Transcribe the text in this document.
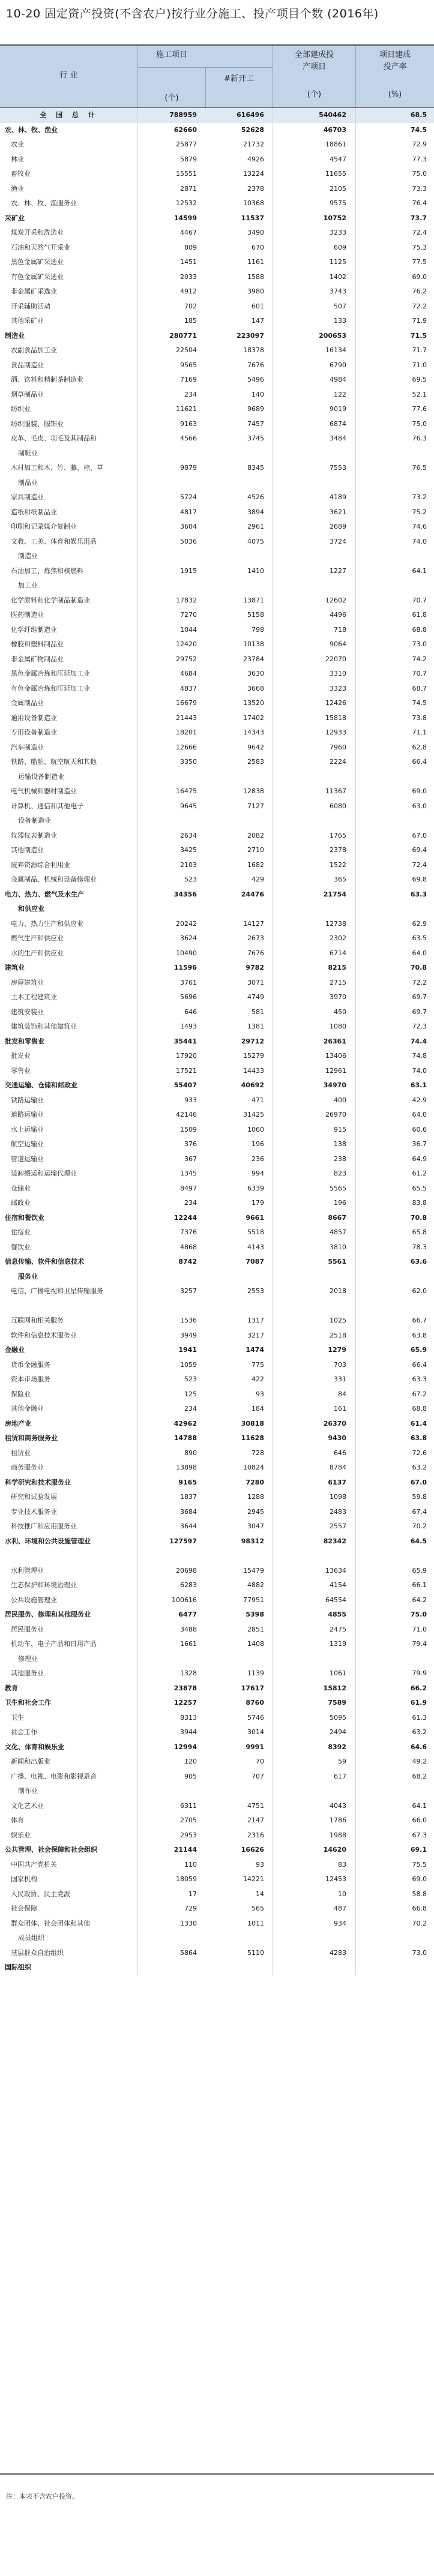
10-20 固定资产投资(不含农户)按行业分施工、投产项目个数 (2016年)
行 业
施工项目
(个)
#新开工
全部建成投产项目
(个)
项目建成投产率
(%)
全 国 总 计	788959	616496	540462	68.5
农、林、牧、渔业	62660	52628	46703	74.5
农业	25877	21732	18861	72.9
林业	5879	4926	4547	77.3
畜牧业	15551	13224	11655	75.0
渔业	2871	2378	2105	73.3
农、林、牧、渔服务业	12532	10368	9575	76.4
采矿业	14599	11537	10752	73.7
煤炭开采和洗选业	4467	3490	3233	72.4
石油和天然气开采业	809	670	609	75.3
黑色金属矿采选业	1451	1161	1125	77.5
有色金属矿采选业	2033	1588	1402	69.0
非金属矿采选业	4912	3980	3743	76.2
开采辅助活动	702	601	507	72.2
其他采矿业	185	147	133	71.9
制造业	280771	223097	200653	71.5
农副食品加工业	22504	18378	16134	71.7
食品制造业	9565	7676	6790	71.0
酒、饮料和精制茶制造业	7169	5496	4984	69.5
烟草制品业	234	140	122	52.1
纺织业	11621	9689	9019	77.6
纺织服装、服饰业	9163	7457	6874	75.0
皮革、毛皮、羽毛及其制品和	4566	3745	3484	76.3
制鞋业
木材加工和木、竹、藤、棕、草	9879	8345	7553	76.5
制品业
家具制造业	5724	4526	4189	73.2
造纸和纸制品业	4817	3894	3621	75.2
印刷和记录媒介复制业	3604	2961	2689	74.6
文教、工美、体育和娱乐用品	5036	4075	3724	74.0
制造业
石油加工、炼焦和核燃料	1915	1410	1227	64.1
加工业
化学原料和化学制品制造业	17832	13871	12602	70.7
医药制造业	7270	5158	4496	61.8
化学纤维制造业	1044	798	718	68.8
橡胶和塑料制品业	12420	10138	9064	73.0
非金属矿物制品业	29752	23784	22070	74.2
黑色金属冶炼和压延加工业	4684	3630	3310	70.7
有色金属冶炼和压延加工业	4837	3668	3323	68.7
金属制品业	16679	13520	12426	74.5
通用设备制造业	21443	17402	15818	73.8
专用设备制造业	18201	14343	12933	71.1
汽车制造业	12666	9642	7960	62.8
铁路、船舶、航空航天和其他	3350	2583	2224	66.4
运输设备制造业
电气机械和器材制造业	16475	12838	11367	69.0
计算机、通信和其他电子	9645	7127	6080	63.0
设备制造业
仪器仪表制造业	2634	2082	1765	67.0
其他制造业	3425	2710	2378	69.4
废弃资源综合利用业	2103	1682	1522	72.4
金属制品、机械和设备修理业	523	429	365	69.8
电力、热力、燃气及水生产	34356	24476	21754	63.3
和供应业
电力、热力生产和供应业	20242	14127	12738	62.9
燃气生产和供应业	3624	2673	2302	63.5
水的生产和供应业	10490	7676	6714	64.0
建筑业	11596	9782	8215	70.8
房屋建筑业	3761	3071	2715	72.2
土木工程建筑业	5696	4749	3970	69.7
建筑安装业	646	581	450	69.7
建筑装饰和其他建筑业	1493	1381	1080	72.3
批发和零售业	35441	29712	26361	74.4
批发业	17920	15279	13406	74.8
零售业	17521	14433	12961	74.0
交通运输、仓储和邮政业	55407	40692	34970	63.1
铁路运输业	933	471	400	42.9
道路运输业	42146	31425	26970	64.0
水上运输业	1509	1060	915	60.6
航空运输业	376	196	138	36.7
管道运输业	367	236	238	64.9
装卸搬运和运输代理业	1345	994	823	61.2
仓储业	8497	6339	5565	65.5
邮政业	234	179	196	83.8
住宿和餐饮业	12244	9661	8667	70.8
住宿业	7376	5518	4857	65.8
餐饮业	4868	4143	3810	78.3
信息传输、软件和信息技术	8742	7087	5561	63.6
服务业
电信、广播电视和卫星传输服务	3257	2553	2018	62.0
互联网和相关服务	1536	1317	1025	66.7
软件和信息技术服务业	3949	3217	2518	63.8
金融业	1941	1474	1279	65.9
货币金融服务	1059	775	703	66.4
资本市场服务	523	422	331	63.3
保险业	125	93	84	67.2
其他金融业	234	184	161	68.8
房地产业	42962	30818	26370	61.4
租赁和商务服务业	14788	11628	9430	63.8
租赁业	890	728	646	72.6
商务服务业	13898	10824	8784	63.2
科学研究和技术服务业	9165	7280	6137	67.0
研究和试验发展	1837	1288	1098	59.8
专业技术服务业	3684	2945	2483	67.4
科技推广和应用服务业	3644	3047	2557	70.2
水利、环境和公共设施管理业	127597	98312	82342	64.5
水利管理业	20698	15479	13634	65.9
生态保护和环境治理业	6283	4882	4154	66.1
公共设施管理业	100616	77951	64554	64.2
居民服务、修理和其他服务业	6477	5398	4855	75.0
居民服务业	3488	2851	2475	71.0
机动车、电子产品和日用产品	1661	1408	1319	79.4
修理业
其他服务业	1328	1139	1061	79.9
教育	23878	17617	15812	66.2
卫生和社会工作	12257	8760	7589	61.9
卫生	8313	5746	5095	61.3
社会工作	3944	3014	2494	63.2
文化、体育和娱乐业	12994	9991	8392	64.6
新闻和出版业	120	70	59	49.2
广播、电视、电影和影视录音	905	707	617	68.2
制作业
文化艺术业	6311	4751	4043	64.1
体育	2705	2147	1786	66.0
娱乐业	2953	2316	1988	67.3
公共管理、社会保障和社会组织	21144	16626	14620	69.1
中国共产党机关	110	93	83	75.5
国家机构	18059	14221	12453	69.0
人民政协、民主党派	17	14	10	58.8
社会保障	729	565	487	66.8
群众团体、社会团体和其他	1330	1011	934	70.2
成员组织
基层群众自治组织	5864	5110	4283	73.0
国际组织
注：本表不含农户投资。
